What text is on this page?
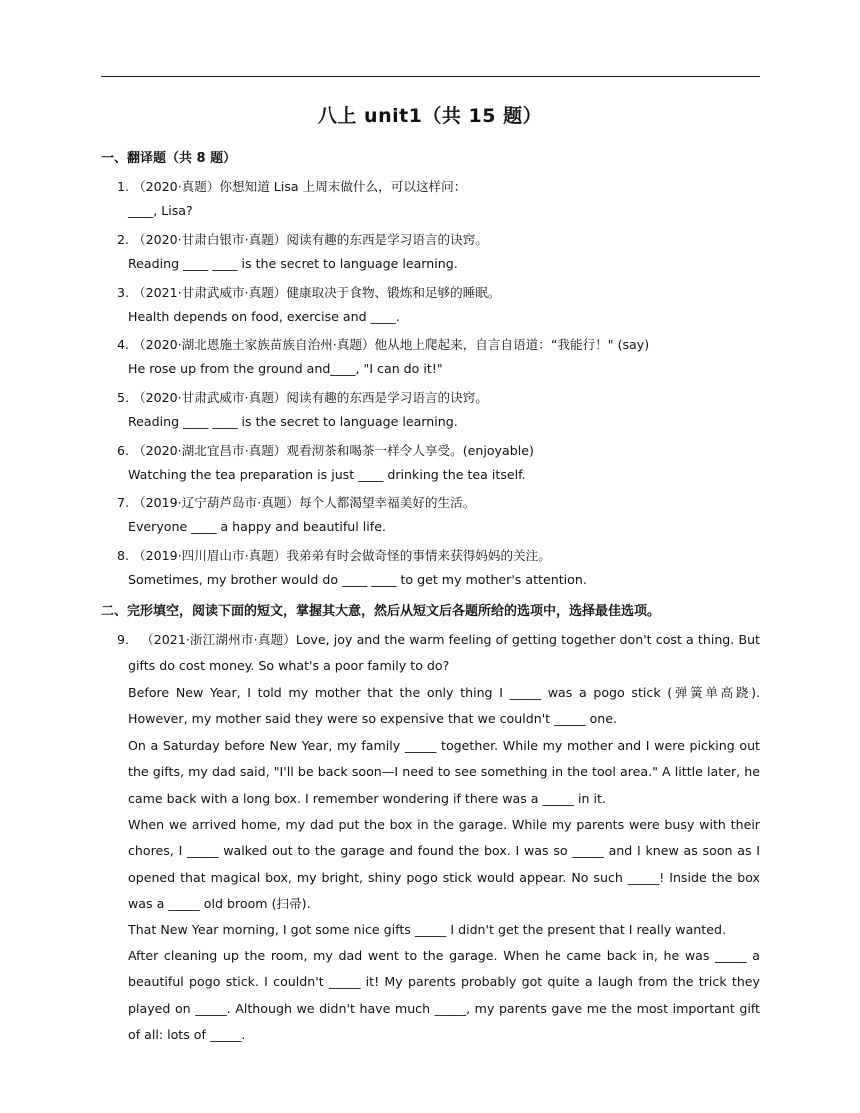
八上 unit1（共 15 题）
一、翻译题（共 8 题）
1. （2020·真题）你想知道 Lisa 上周末做什么，可以这样问：
____, Lisa?
2. （2020·甘肃白银市·真题）阅读有趣的东西是学习语言的诀窍。
Reading ____ ____ is the secret to language learning.
3. （2021·甘肃武威市·真题）健康取决于食物、锻炼和足够的睡眠。
Health depends on food, exercise and ____.
4. （2020·湖北恩施土家族苗族自治州·真题）他从地上爬起来，自言自语道：“我能行！" (say)
He rose up from the ground and____, "I can do it!"
5. （2020·甘肃武威市·真题）阅读有趣的东西是学习语言的诀窍。
Reading ____ ____ is the secret to language learning.
6. （2020·湖北宜昌市·真题）观看沏茶和喝茶一样令人享受。(enjoyable)
Watching the tea preparation is just ____ drinking the tea itself.
7. （2019·辽宁葫芦岛市·真题）每个人都渴望幸福美好的生活。
Everyone ____ a happy and beautiful life.
8. （2019·四川眉山市·真题）我弟弟有时会做奇怪的事情来获得妈妈的关注。
Sometimes, my brother would do ____ ____ to get my mother's attention.
二、完形填空，阅读下面的短文，掌握其大意，然后从短文后各题所给的选项中，选择最佳选项。
9. （2021·浙江湖州市·真题）Love, joy and the warm feeling of getting together don't cost a thing. But gifts do cost money. So what's a poor family to do?
Before New Year, I told my mother that the only thing I _____ was a pogo stick (弹簧单高跷). However, my mother said they were so expensive that we couldn't _____ one.
On a Saturday before New Year, my family _____ together. While my mother and I were picking out the gifts, my dad said, "I'll be back soon—I need to see something in the tool area." A little later, he came back with a long box. I remember wondering if there was a _____ in it.
When we arrived home, my dad put the box in the garage. While my parents were busy with their chores, I _____ walked out to the garage and found the box. I was so _____ and I knew as soon as I opened that magical box, my bright, shiny pogo stick would appear. No such _____! Inside the box was a _____ old broom (扫帚).
That New Year morning, I got some nice gifts _____ I didn't get the present that I really wanted.
After cleaning up the room, my dad went to the garage. When he came back in, he was _____ a beautiful pogo stick. I couldn't _____ it! My parents probably got quite a laugh from the trick they played on _____. Although we didn't have much _____, my parents gave me the most important gift of all: lots of _____.
